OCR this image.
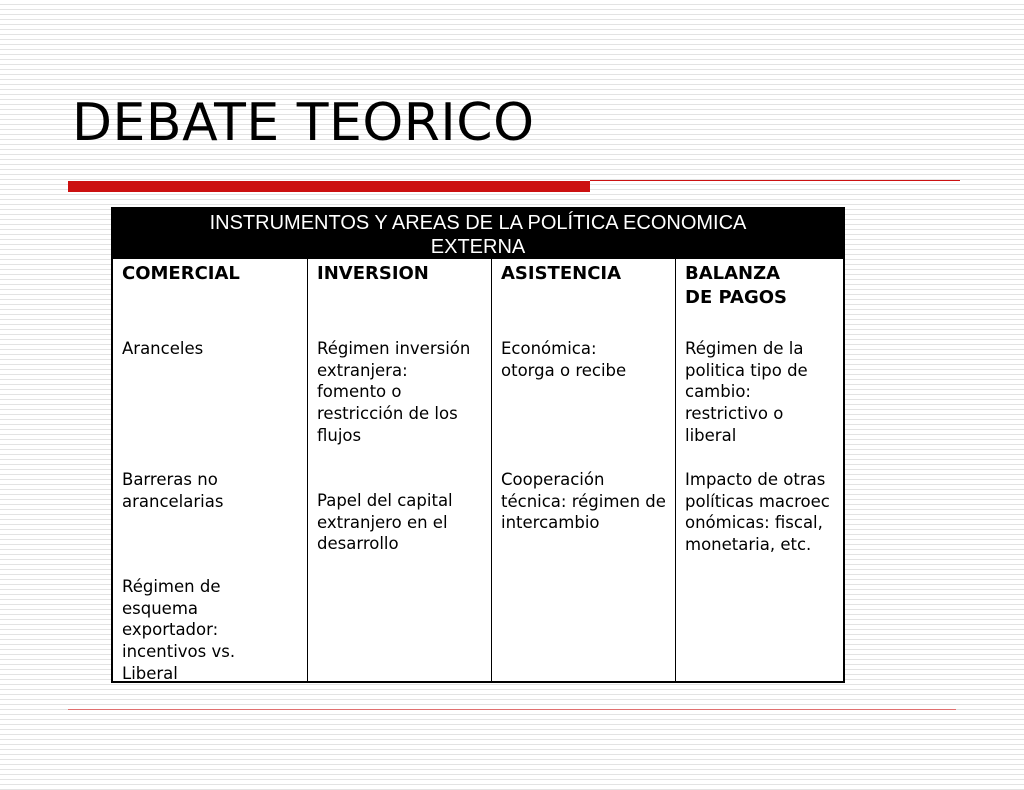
DEBATE TEORICO
INSTRUMENTOS Y AREAS DE LA POLÍTICA ECONOMICA
EXTERNA
COMERCIAL
Aranceles
Barreras no arancelarias
Régimen de esquema exportador: incentivos vs. Liberal
INVERSION
Régimen inversión extranjera: fomento o restricción de los flujos
Papel del capital extranjero en el desarrollo
ASISTENCIA
Económica: otorga o recibe
Cooperación técnica: régimen de intercambio
BALANZA DE PAGOS
Régimen de la politica tipo de cambio: restrictivo o liberal
Impacto de otras políticas macroeconómicas: fiscal, monetaria, etc.
